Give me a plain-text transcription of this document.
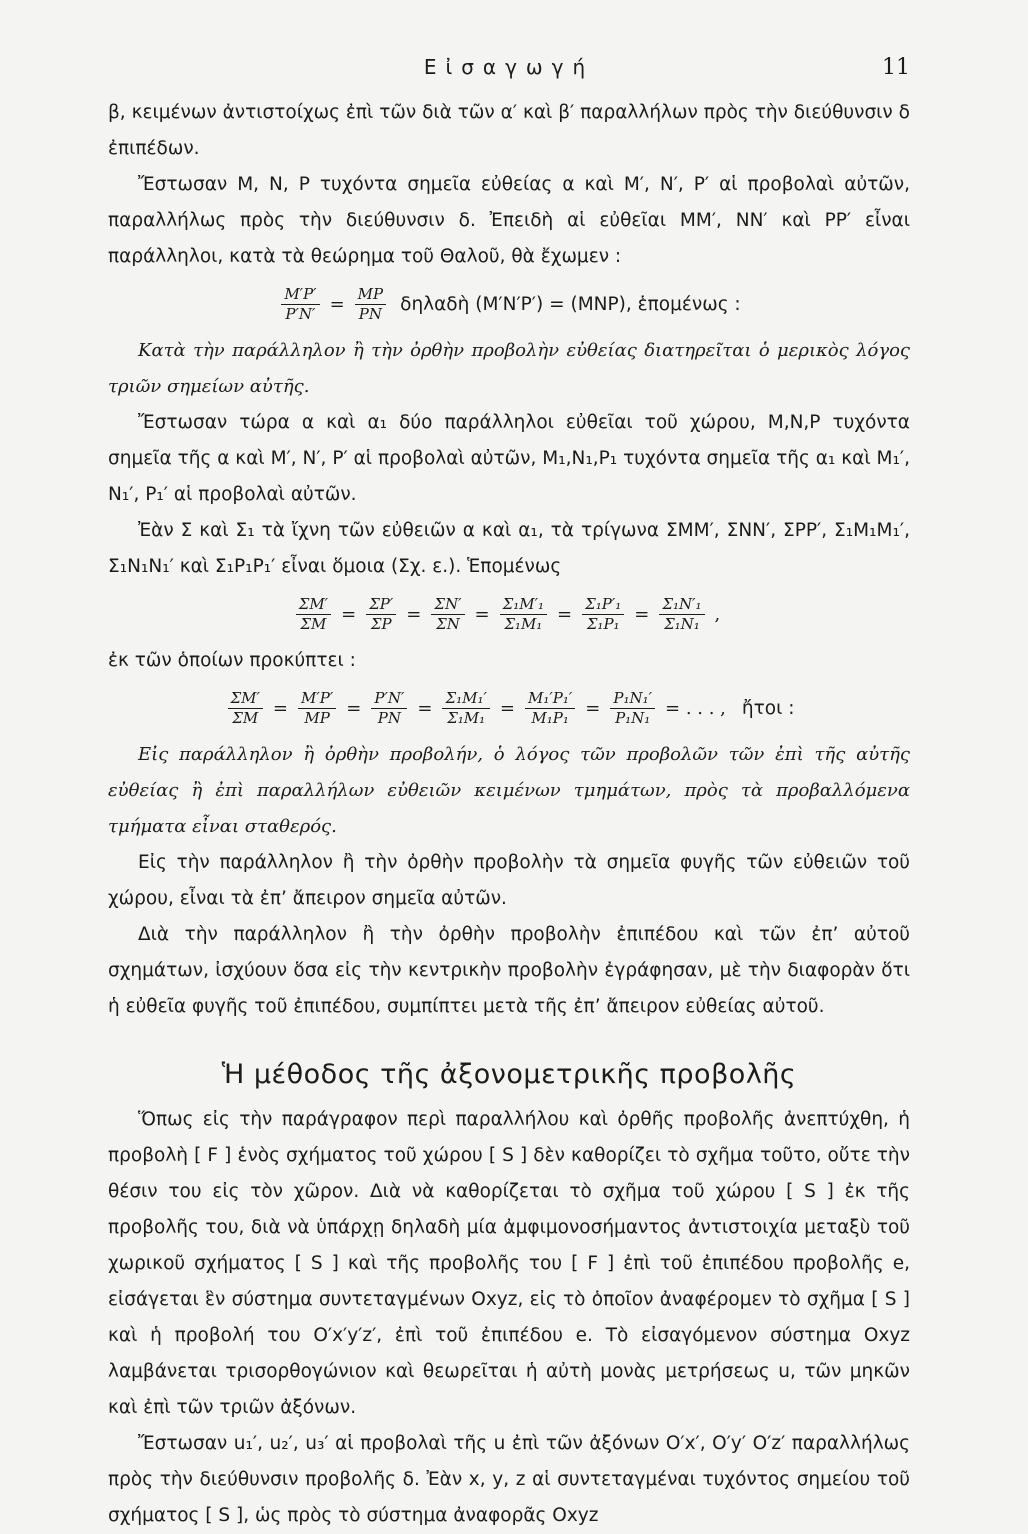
Εἰσαγωγή	11

β, κειμένων ἀντιστοίχως ἐπὶ τῶν διὰ τῶν α′ καὶ β′ παραλλήλων πρὸς τὴν διεύθυνσιν δ ἐπιπέδων.

Ἔστωσαν M, N, P τυχόντα σημεῖα εὐθείας α καὶ M′, N′, P′ αἱ προβολαὶ αὐτῶν, παραλλήλως πρὸς τὴν διεύθυνσιν δ. Ἐπειδὴ αἱ εὐθεῖαι MM′, NN′ καὶ PP′ εἶναι παράλληλοι, κατὰ τὰ θεώρημα τοῦ Θαλοῦ, θὰ ἔχωμεν :

$\frac{M'P'}{P'N'} = \frac{MP}{PN}$ δηλαδὴ (M′N′P′) = (MNP), ἑπομένως :

Κατὰ τὴν παράλληλον ἢ τὴν ὀρθὴν προβολὴν εὐθείας διατηρεῖται ὁ μερικὸς λόγος τριῶν σημείων αὐτῆς.

Ἔστωσαν τώρα α καὶ α₁ δύο παράλληλοι εὐθεῖαι τοῦ χώρου, M,N,P τυχόντα σημεῖα τῆς α καὶ M′, N′, P′ αἱ προβολαὶ αὐτῶν, M₁,N₁,P₁ τυχόντα σημεῖα τῆς α₁ καὶ M₁′, N₁′, P₁′ αἱ προβολαὶ αὐτῶν.

Ἐὰν Σ καὶ Σ₁ τὰ ἴχνη τῶν εὐθειῶν α καὶ α₁, τὰ τρίγωνα ΣMM′, ΣNN′, ΣPP′, Σ₁M₁M₁′, Σ₁N₁N₁′ καὶ Σ₁P₁P₁′ εἶναι ὅμοια (Σχ. ε.). Ἑπομένως

$\frac{\Sigma M'}{\Sigma M} = \frac{\Sigma P'}{\Sigma P} = \frac{\Sigma N'}{\Sigma N} = \frac{\text{Σ₁M′₁}}{\text{Σ₁M₁}} = \frac{\text{Σ₁P′₁}}{\text{Σ₁P₁}} = \frac{\text{Σ₁N′₁}}{\text{Σ₁N₁}}$ ,

ἐκ τῶν ὁποίων προκύπτει :

$\frac{\Sigma M'}{\Sigma M} = \frac{M'P'}{MP} = \frac{P'N'}{PN} = \frac{\text{Σ₁M₁′}}{\text{Σ₁M₁}} = \frac{\text{M₁′P₁′}}{\text{M₁P₁}} = \frac{\text{P₁N₁′}}{\text{P₁N₁}}$ = . . . , ἤτοι :

Εἰς παράλληλον ἢ ὀρθὴν προβολήν, ὁ λόγος τῶν προβολῶν τῶν ἐπὶ τῆς αὐτῆς εὐθείας ἢ ἐπὶ παραλλήλων εὐθειῶν κειμένων τμημάτων, πρὸς τὰ προβαλλόμενα τμήματα εἶναι σταθερός.

Εἰς τὴν παράλληλον ἢ τὴν ὀρθὴν προβολὴν τὰ σημεῖα φυγῆς τῶν εὐθειῶν τοῦ χώρου, εἶναι τὰ ἐπ’ ἄπειρον σημεῖα αὐτῶν.

Διὰ τὴν παράλληλον ἢ τὴν ὀρθὴν προβολὴν ἐπιπέδου καὶ τῶν ἐπ’ αὐτοῦ σχημάτων, ἰσχύουν ὅσα εἰς τὴν κεντρικὴν προβολὴν ἐγράφησαν, μὲ τὴν διαφορὰν ὅτι ἡ εὐθεῖα φυγῆς τοῦ ἐπιπέδου, συμπίπτει μετὰ τῆς ἐπ’ ἄπειρον εὐθείας αὐτοῦ.

Ἡ μέθοδος τῆς ἀξονομετρικῆς προβολῆς

Ὅπως εἰς τὴν παράγραφον περὶ παραλλήλου καὶ ὀρθῆς προβολῆς ἀνεπτύχθη, ἡ προβολὴ [ F ] ἑνὸς σχήματος τοῦ χώρου [ S ] δὲν καθορίζει τὸ σχῆμα τοῦτο, οὔτε τὴν θέσιν του εἰς τὸν χῶρον. Διὰ νὰ καθορίζεται τὸ σχῆμα τοῦ χώρου [ S ] ἐκ τῆς προβολῆς του, διὰ νὰ ὑπάρχῃ δηλαδὴ μία ἀμφιμονοσήμαντος ἀντιστοιχία μεταξὺ τοῦ χωρικοῦ σχήματος [ S ] καὶ τῆς προβολῆς του [ F ] ἐπὶ τοῦ ἐπιπέδου προβολῆς e, εἰσάγεται ἓν σύστημα συντεταγμένων Oxyz, εἰς τὸ ὁποῖον ἀναφέρομεν τὸ σχῆμα [ S ] καὶ ἡ προβολή του O′x′y′z′, ἐπὶ τοῦ ἐπιπέδου e. Τὸ εἰσαγόμενον σύστημα Oxyz λαμβάνεται τρισορθογώνιον καὶ θεωρεῖται ἡ αὐτὴ μονὰς μετρήσεως u, τῶν μηκῶν καὶ ἐπὶ τῶν τριῶν ἀξόνων.

Ἔστωσαν u₁′, u₂′, u₃′ αἱ προβολαὶ τῆς u ἐπὶ τῶν ἀξόνων O′x′, O′y′ O′z′ παραλλήλως πρὸς τὴν διεύθυνσιν προβολῆς δ. Ἐὰν x, y, z αἱ συντεταγμέναι τυχόντος σημείου τοῦ σχήματος [ S ], ὡς πρὸς τὸ σύστημα ἀναφορᾶς Oxyz
